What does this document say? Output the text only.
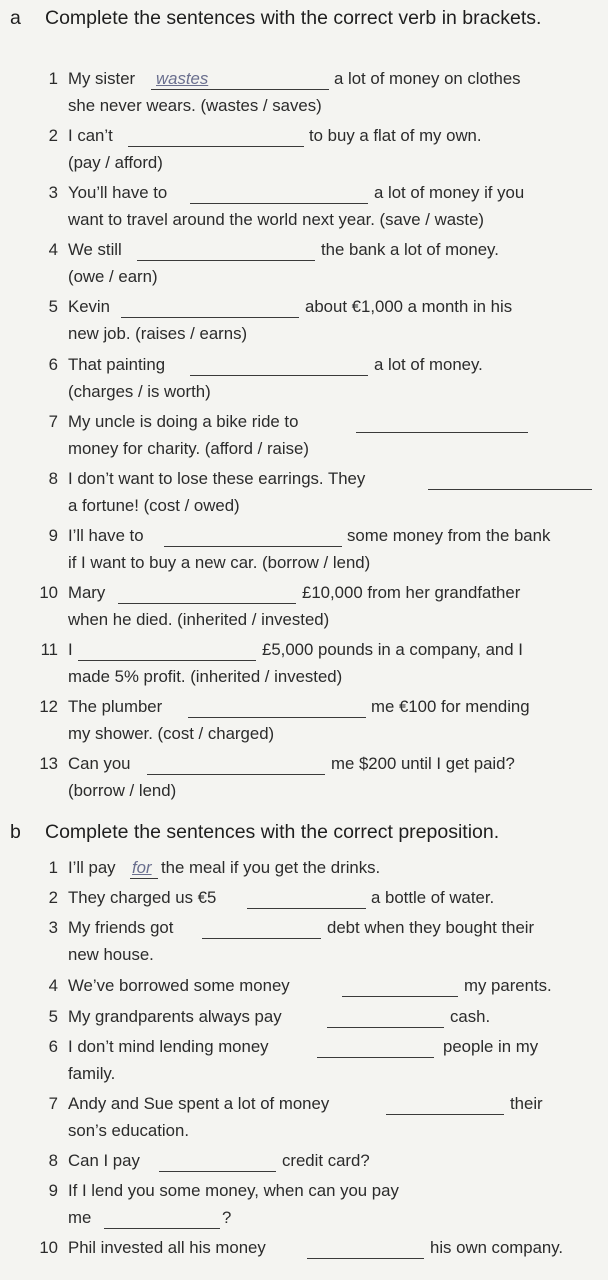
a Complete the sentences with the correct verb in brackets.
b Complete the sentences with the correct preposition.
1 My sister wastes	a lot of money on clothes
she never wears. (wastes / saves)
2 I can’t	to buy a flat of my own.
(pay / afford)
3 You’ll have to	a lot of money if you
want to travel around the world next year. (save / waste)
4 We still	the bank a lot of money.
(owe / earn)
5 Kevin	about €1,000 a month in his
new job. (raises / earns)
6 That painting	a lot of money.
(charges / is worth)
7 My uncle is doing a bike ride to
money for charity. (afford / raise)
8 I don’t want to lose these earrings. They
a fortune! (cost / owed)
9 I’ll have to	some money from the bank
if I want to buy a new car. (borrow / lend)
10 Mary	£10,000 from her grandfather
when he died. (inherited / invested)
11 I	£5,000 pounds in a company, and I
made 5% profit. (inherited / invested)
12 The plumber	me €100 for mending
my shower. (cost / charged)
13 Can you	me $200 until I get paid?
(borrow / lend)
1 I’ll pay for the meal if you get the drinks.
2 They charged us €5	a bottle of water.
3 My friends got	debt when they bought their
new house.
4 We’ve borrowed some money	my parents.
5 My grandparents always pay	cash.
6 I don’t mind lending money	people in my
family.
7 Andy and Sue spent a lot of money	their
son’s education.
8 Can I pay	credit card?
9 If I lend you some money, when can you pay
me	?
10 Phil invested all his money	his own company.
